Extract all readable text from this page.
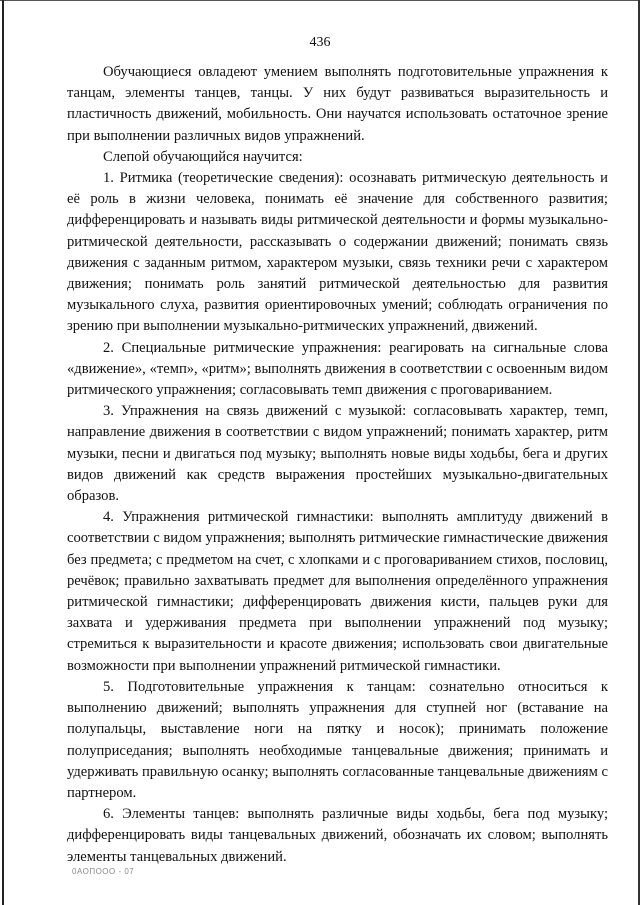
436

Обучающиеся овладеют умением выполнять подготовительные упражнения к танцам, элементы танцев, танцы. У них будут развиваться выразительность и пластичность движений, мобильность. Они научатся использовать остаточное зрение при выполнении различных видов упражнений.

Слепой обучающийся научится:

1. Ритмика (теоретические сведения): осознавать ритмическую деятельность и её роль в жизни человека, понимать её значение для собственного развития; дифференцировать и называть виды ритмической деятельности и формы музыкально-ритмической деятельности, рассказывать о содержании движений; понимать связь движения с заданным ритмом, характером музыки, связь техники речи с характером движения; понимать роль занятий ритмической деятельностью для развития музыкального слуха, развития ориентировочных умений; соблюдать ограничения по зрению при выполнении музыкально-ритмических упражнений, движений.

2. Специальные ритмические упражнения: реагировать на сигнальные слова «движение», «темп», «ритм»; выполнять движения в соответствии с освоенным видом ритмического упражнения; согласовывать темп движения с проговариванием.

3. Упражнения на связь движений с музыкой: согласовывать характер, темп, направление движения в соответствии с видом упражнений; понимать характер, ритм музыки, песни и двигаться под музыку; выполнять новые виды ходьбы, бега и других видов движений как средств выражения простейших музыкально-двигательных образов.

4. Упражнения ритмической гимнастики: выполнять амплитуду движений в соответствии с видом упражнения; выполнять ритмические гимнастические движения без предмета; с предметом на счет, с хлопками и с проговариванием стихов, пословиц, речёвок; правильно захватывать предмет для выполнения определённого упражнения ритмической гимнастики; дифференцировать движения кисти, пальцев руки для захвата и удерживания предмета при выполнении упражнений под музыку; стремиться к выразительности и красоте движения; использовать свои двигательные возможности при выполнении упражнений ритмической гимнастики.

5. Подготовительные упражнения к танцам: сознательно относиться к выполнению движений; выполнять упражнения для ступней ног (вставание на полупальцы, выставление ноги на пятку и носок); принимать положение полуприседания; выполнять необходимые танцевальные движения; принимать и удерживать правильную осанку; выполнять согласованные танцевальные движениям с партнером.

6. Элементы танцев: выполнять различные виды ходьбы, бега под музыку; дифференцировать виды танцевальных движений, обозначать их словом; выполнять элементы танцевальных движений.

0АОПООО - 07
